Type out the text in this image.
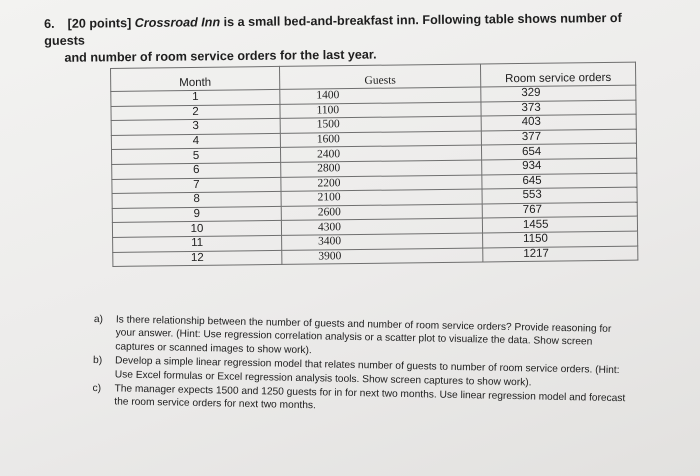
6. [20 points] Crossroad Inn is a small bed-and-breakfast inn. Following table shows number of guests
and number of room service orders for the last year.
Month	Guests	Room service orders
1	1400	329
2	1100	373
3	1500	403
4	1600	377
5	2400	654
6	2800	934
7	2200	645
8	2100	553
9	2600	767
10	4300	1455
11	3400	1150
12	3900	1217
a)	Is there relationship between the number of guests and number of room service orders? Provide reasoning for your answer. (Hint: Use regression correlation analysis or a scatter plot to visualize the data. Show screen captures or scanned images to show work).
b)	Develop a simple linear regression model that relates number of guests to number of room service orders. (Hint: Use Excel formulas or Excel regression analysis tools. Show screen captures to show work).
c)	The manager expects 1500 and 1250 guests for in for next two months. Use linear regression model and forecast the room service orders for next two months.
